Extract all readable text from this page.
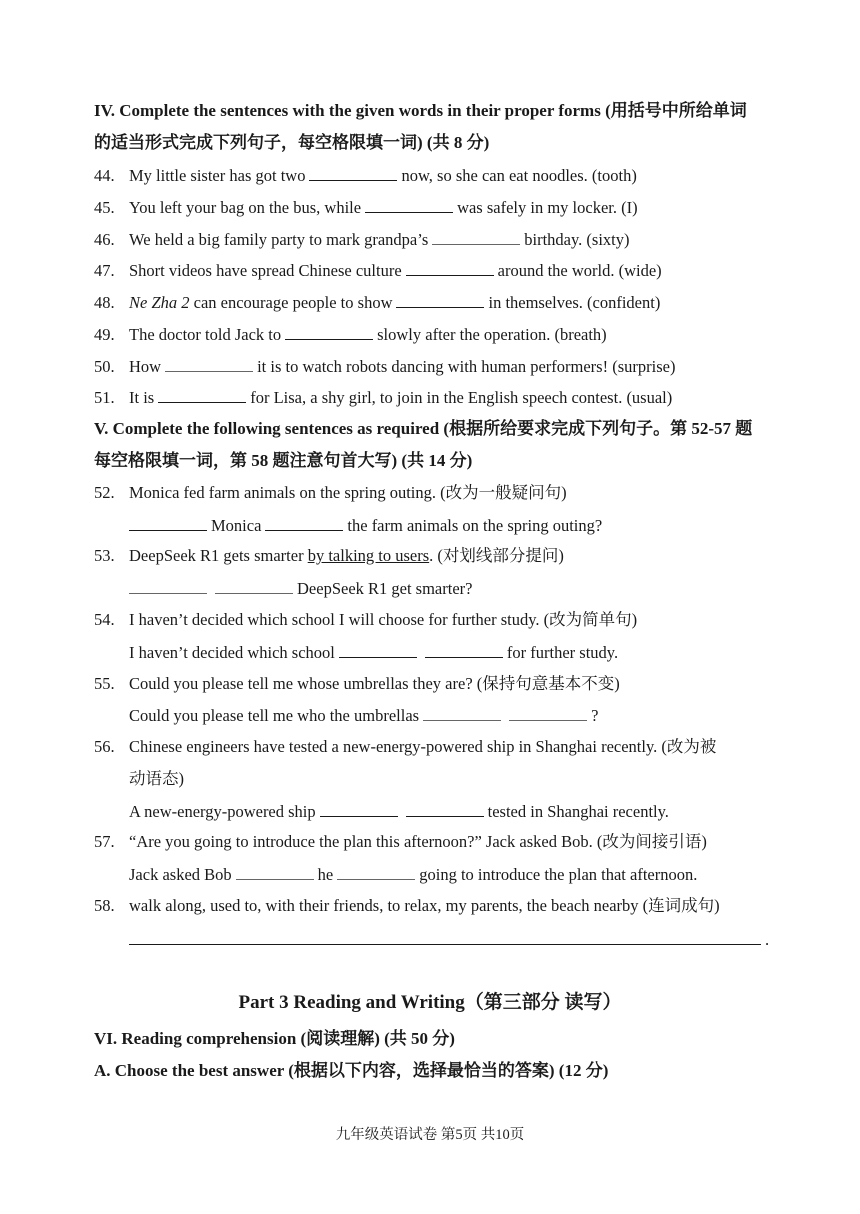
IV. Complete the sentences with the given words in their proper forms (用括号中所给单词
的适当形式完成下列句子，每空格限填一词) (共 8 分)
44. My little sister has got two	now, so she can eat noodles. (tooth)
45. You left your bag on the bus, while	was safely in my locker. (I)
46. We held a big family party to mark grandpa’s	birthday. (sixty)
47. Short videos have spread Chinese culture	around the world. (wide)
48. Ne Zha 2 can encourage people to show	in themselves. (confident)
49. The doctor told Jack to	slowly after the operation. (breath)
50. How	it is to watch robots dancing with human performers! (surprise)
51. It is	for Lisa, a shy girl, to join in the English speech contest. (usual)
V. Complete the following sentences as required (根据所给要求完成下列句子。第 52-57 题
每空格限填一词，第 58 题注意句首大写) (共 14 分)
52. Monica fed farm animals on the spring outing. (改为一般疑问句)
Monica	the farm animals on the spring outing?
53. DeepSeek R1 gets smarter by talking to users. (对划线部分提问)
DeepSeek R1 get smarter?
54. I haven’t decided which school I will choose for further study. (改为简单句)
I haven’t decided which school	for further study.
55. Could you please tell me whose umbrellas they are? (保持句意基本不变)
Could you please tell me who the umbrellas	?
56. Chinese engineers have tested a new-energy-powered ship in Shanghai recently. (改为被
动语态)
A new-energy-powered ship	tested in Shanghai recently.
57. “Are you going to introduce the plan this afternoon?” Jack asked Bob. (改为间接引语)
Jack asked Bob	he	going to introduce the plan that afternoon.
58. walk along, used to, with their friends, to relax, my parents, the beach nearby (连词成句)
.
Part 3 Reading and Writing（第三部分 读写）
VI. Reading comprehension (阅读理解) (共 50 分)
A. Choose the best answer (根据以下内容，选择最恰当的答案) (12 分)
九年级英语试卷 第5页 共10页
